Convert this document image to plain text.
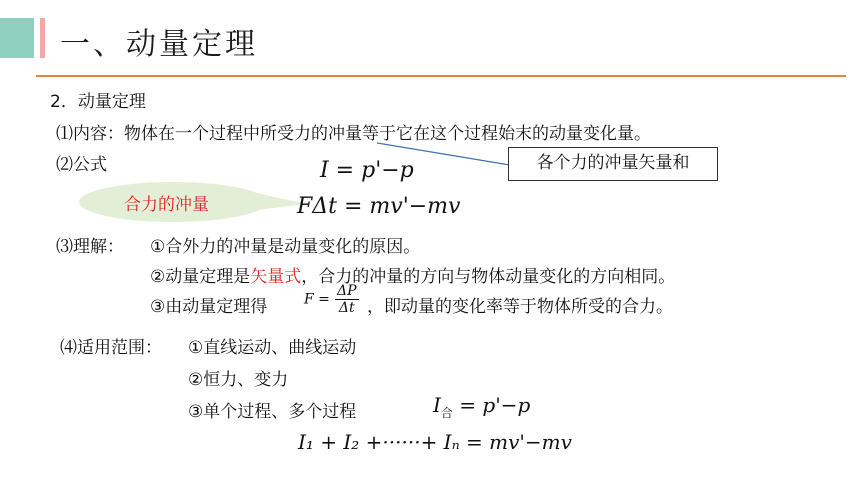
一、动量定理
2．动量定理
⑴内容：物体在一个过程中所受力的冲量等于它在这个过程始末的动量变化量。
⑵公式	I = p'−p	各个力的冲量矢量和
合力的冲量	FΔt = mv'−mv
⑶理解： ①合外力的冲量是动量变化的原因。
②动量定理是矢量式，合力的冲量的方向与物体动量变化的方向相同。
③由动量定理得	$F = \frac{\Delta P}{\Delta t}$ ，即动量的变化率等于物体所受的合力。
⑷适用范围： ①直线运动、曲线运动
②恒力、变力
③单个过程、多个过程	$I_合 = p'-p$
I₁ + I₂ +······+ Iₙ = mv'−mv
